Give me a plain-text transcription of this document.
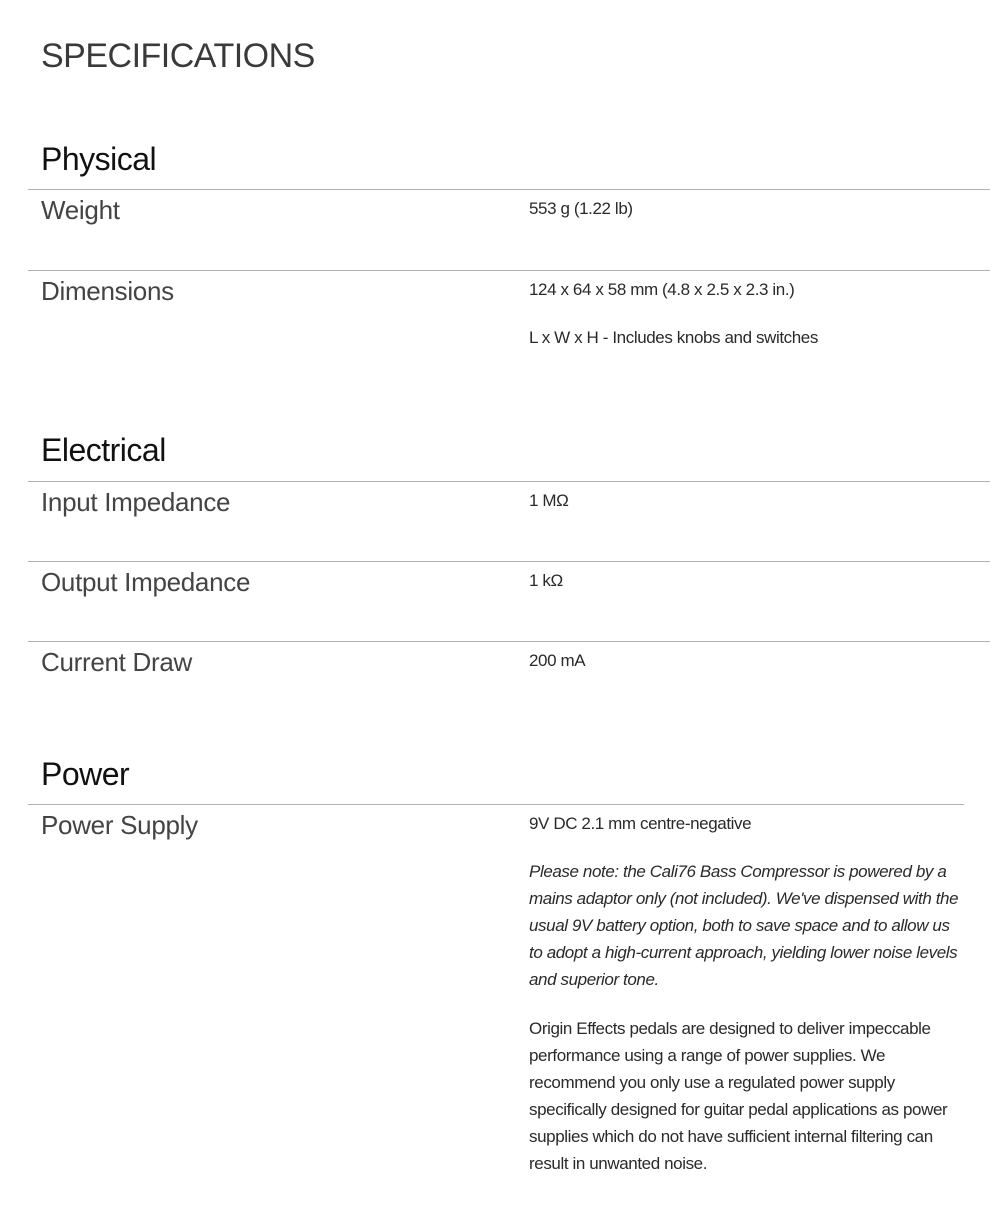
SPECIFICATIONS
Physical
Weight	553 g (1.22 lb)
Dimensions	124 x 64 x 58 mm (4.8 x 2.5 x 2.3 in.)
L x W x H - Includes knobs and switches
Electrical
Input Impedance	1 MΩ
Output Impedance	1 kΩ
Current Draw	200 mA
Power
Power Supply	9V DC 2.1 mm centre-negative

Please note: the Cali76 Bass Compressor is powered by a mains adaptor only (not included). We've dispensed with the usual 9V battery option, both to save space and to allow us to adopt a high-current approach, yielding lower noise levels and superior tone.

Origin Effects pedals are designed to deliver impeccable performance using a range of power supplies. We recommend you only use a regulated power supply specifically designed for guitar pedal applications as power supplies which do not have sufficient internal filtering can result in unwanted noise.
